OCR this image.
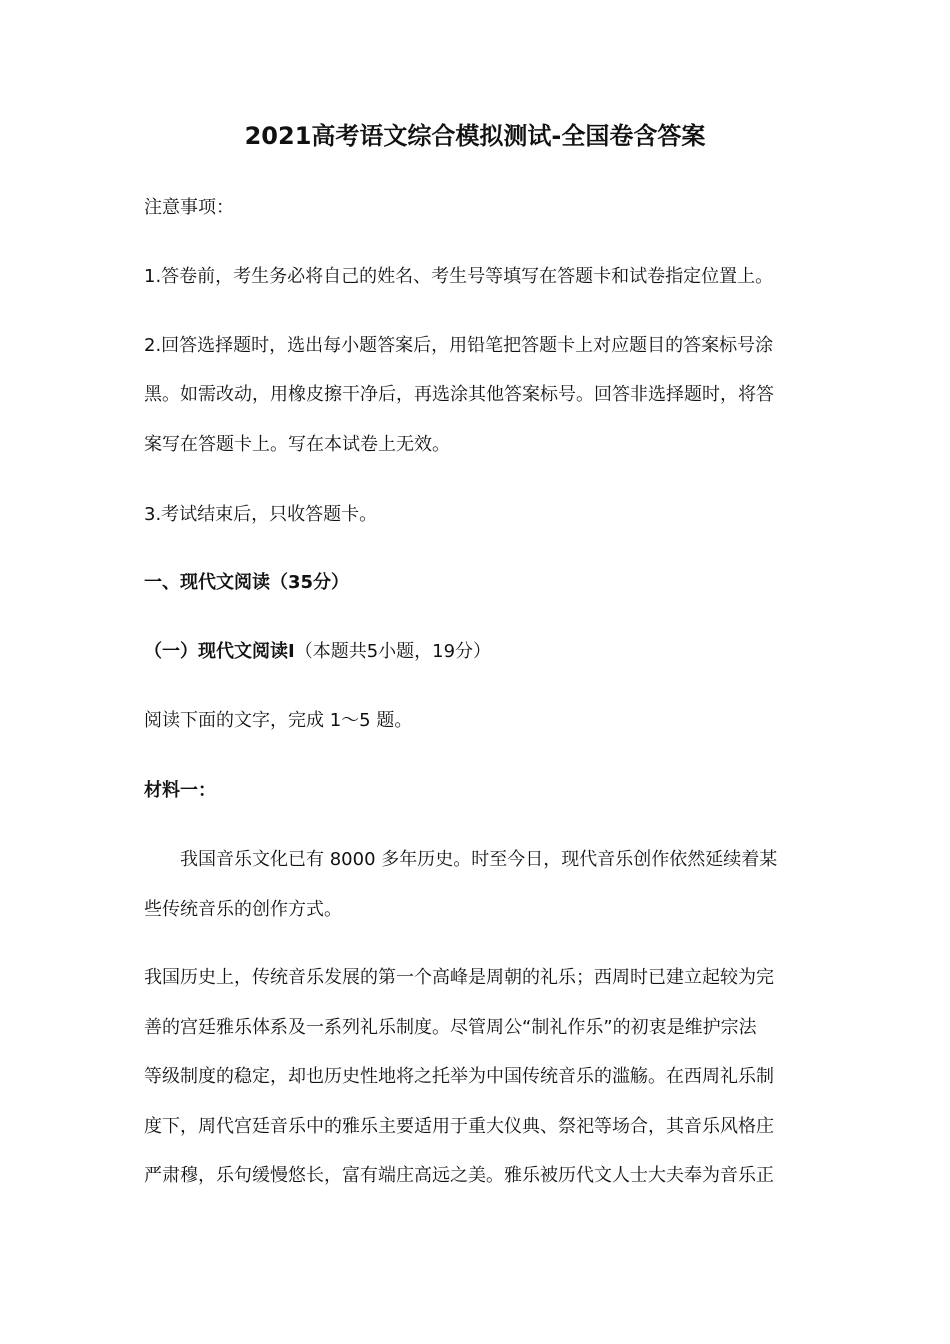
2021高考语文综合模拟测试-全国卷含答案
注意事项：
1.答卷前，考生务必将自己的姓名、考生号等填写在答题卡和试卷指定位置上。
2.回答选择题时，选出每小题答案后，用铅笔把答题卡上对应题目的答案标号涂
黑。如需改动，用橡皮擦干净后，再选涂其他答案标号。回答非选择题时，将答
案写在答题卡上。写在本试卷上无效。
3.考试结束后，只收答题卡。
一、现代文阅读（35分）
（一）现代文阅读Ⅰ（本题共5小题，19分）
阅读下面的文字，完成 1～5 题。
材料一：
我国音乐文化已有 8000 多年历史。时至今日，现代音乐创作依然延续着某
些传统音乐的创作方式。
我国历史上，传统音乐发展的第一个高峰是周朝的礼乐；西周时已建立起较为完
善的宫廷雅乐体系及一系列礼乐制度。尽管周公“制礼作乐”的初衷是维护宗法
等级制度的稳定，却也历史性地将之托举为中国传统音乐的滥觞。在西周礼乐制
度下，周代宫廷音乐中的雅乐主要适用于重大仪典、祭祀等场合，其音乐风格庄
严肃穆，乐句缓慢悠长，富有端庄高远之美。雅乐被历代文人士大夫奉为音乐正
